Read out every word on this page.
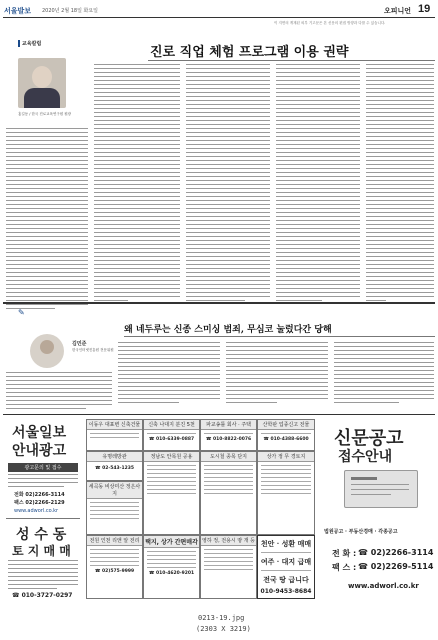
서울발보 2020년 2월 18일 화요일	오피니언 19
이 지면의 게재된 외부 기고문은 본 신문의 편집 방향과 다를 수 있습니다.
교육칼럼
진로 직업 체험 프로그램 이용 권략
홍길동 / 한국 진로교육연구원 원장
✎
왜 네두루는 신종 스미싱 범죄, 무심코 눌렀다간 당해
김민준
한국인터넷진흥원 전문위원
서울일보
안내광고
광고문의 및 접수
전화 02)2266-3114
팩스 02)2266-2129
www.adworl.co.kr
성 수 동
토 지 매 매
☎ 010-3727-0297
이동우 대표변 신축건물	신축 나대지 분진 5천
☎ 010-6339-0887
파교송틀 회사 · 주택
☎ 010-8822-0076
산학판 업종신고 전물
☎ 010-4388-6600
유명레방관
☎ 02-543-1235
세곡동 비상미산 정은사지
정남도 안목원 공용	도시철 종목 단지	상가 정 무 경토지
전원 인천 리앤 알 전리
☎ 02)575-9999
택지, 상가 간편매각
☎ 010-4620-9201
영하 정, 전용시 땅 개 등 천안 · 성환 매매
여주 · 대지 급매
전국 땅 급니다
010-9453-8684
신문공고
접수안내
법원공고 · 부동산경매 · 각종공고
전 화 : ☎ 02)2266-3114
팩 스 : ☎ 02)2269-5114
www.adworl.co.kr
0213-19.jpg
(2303 X 3219)
